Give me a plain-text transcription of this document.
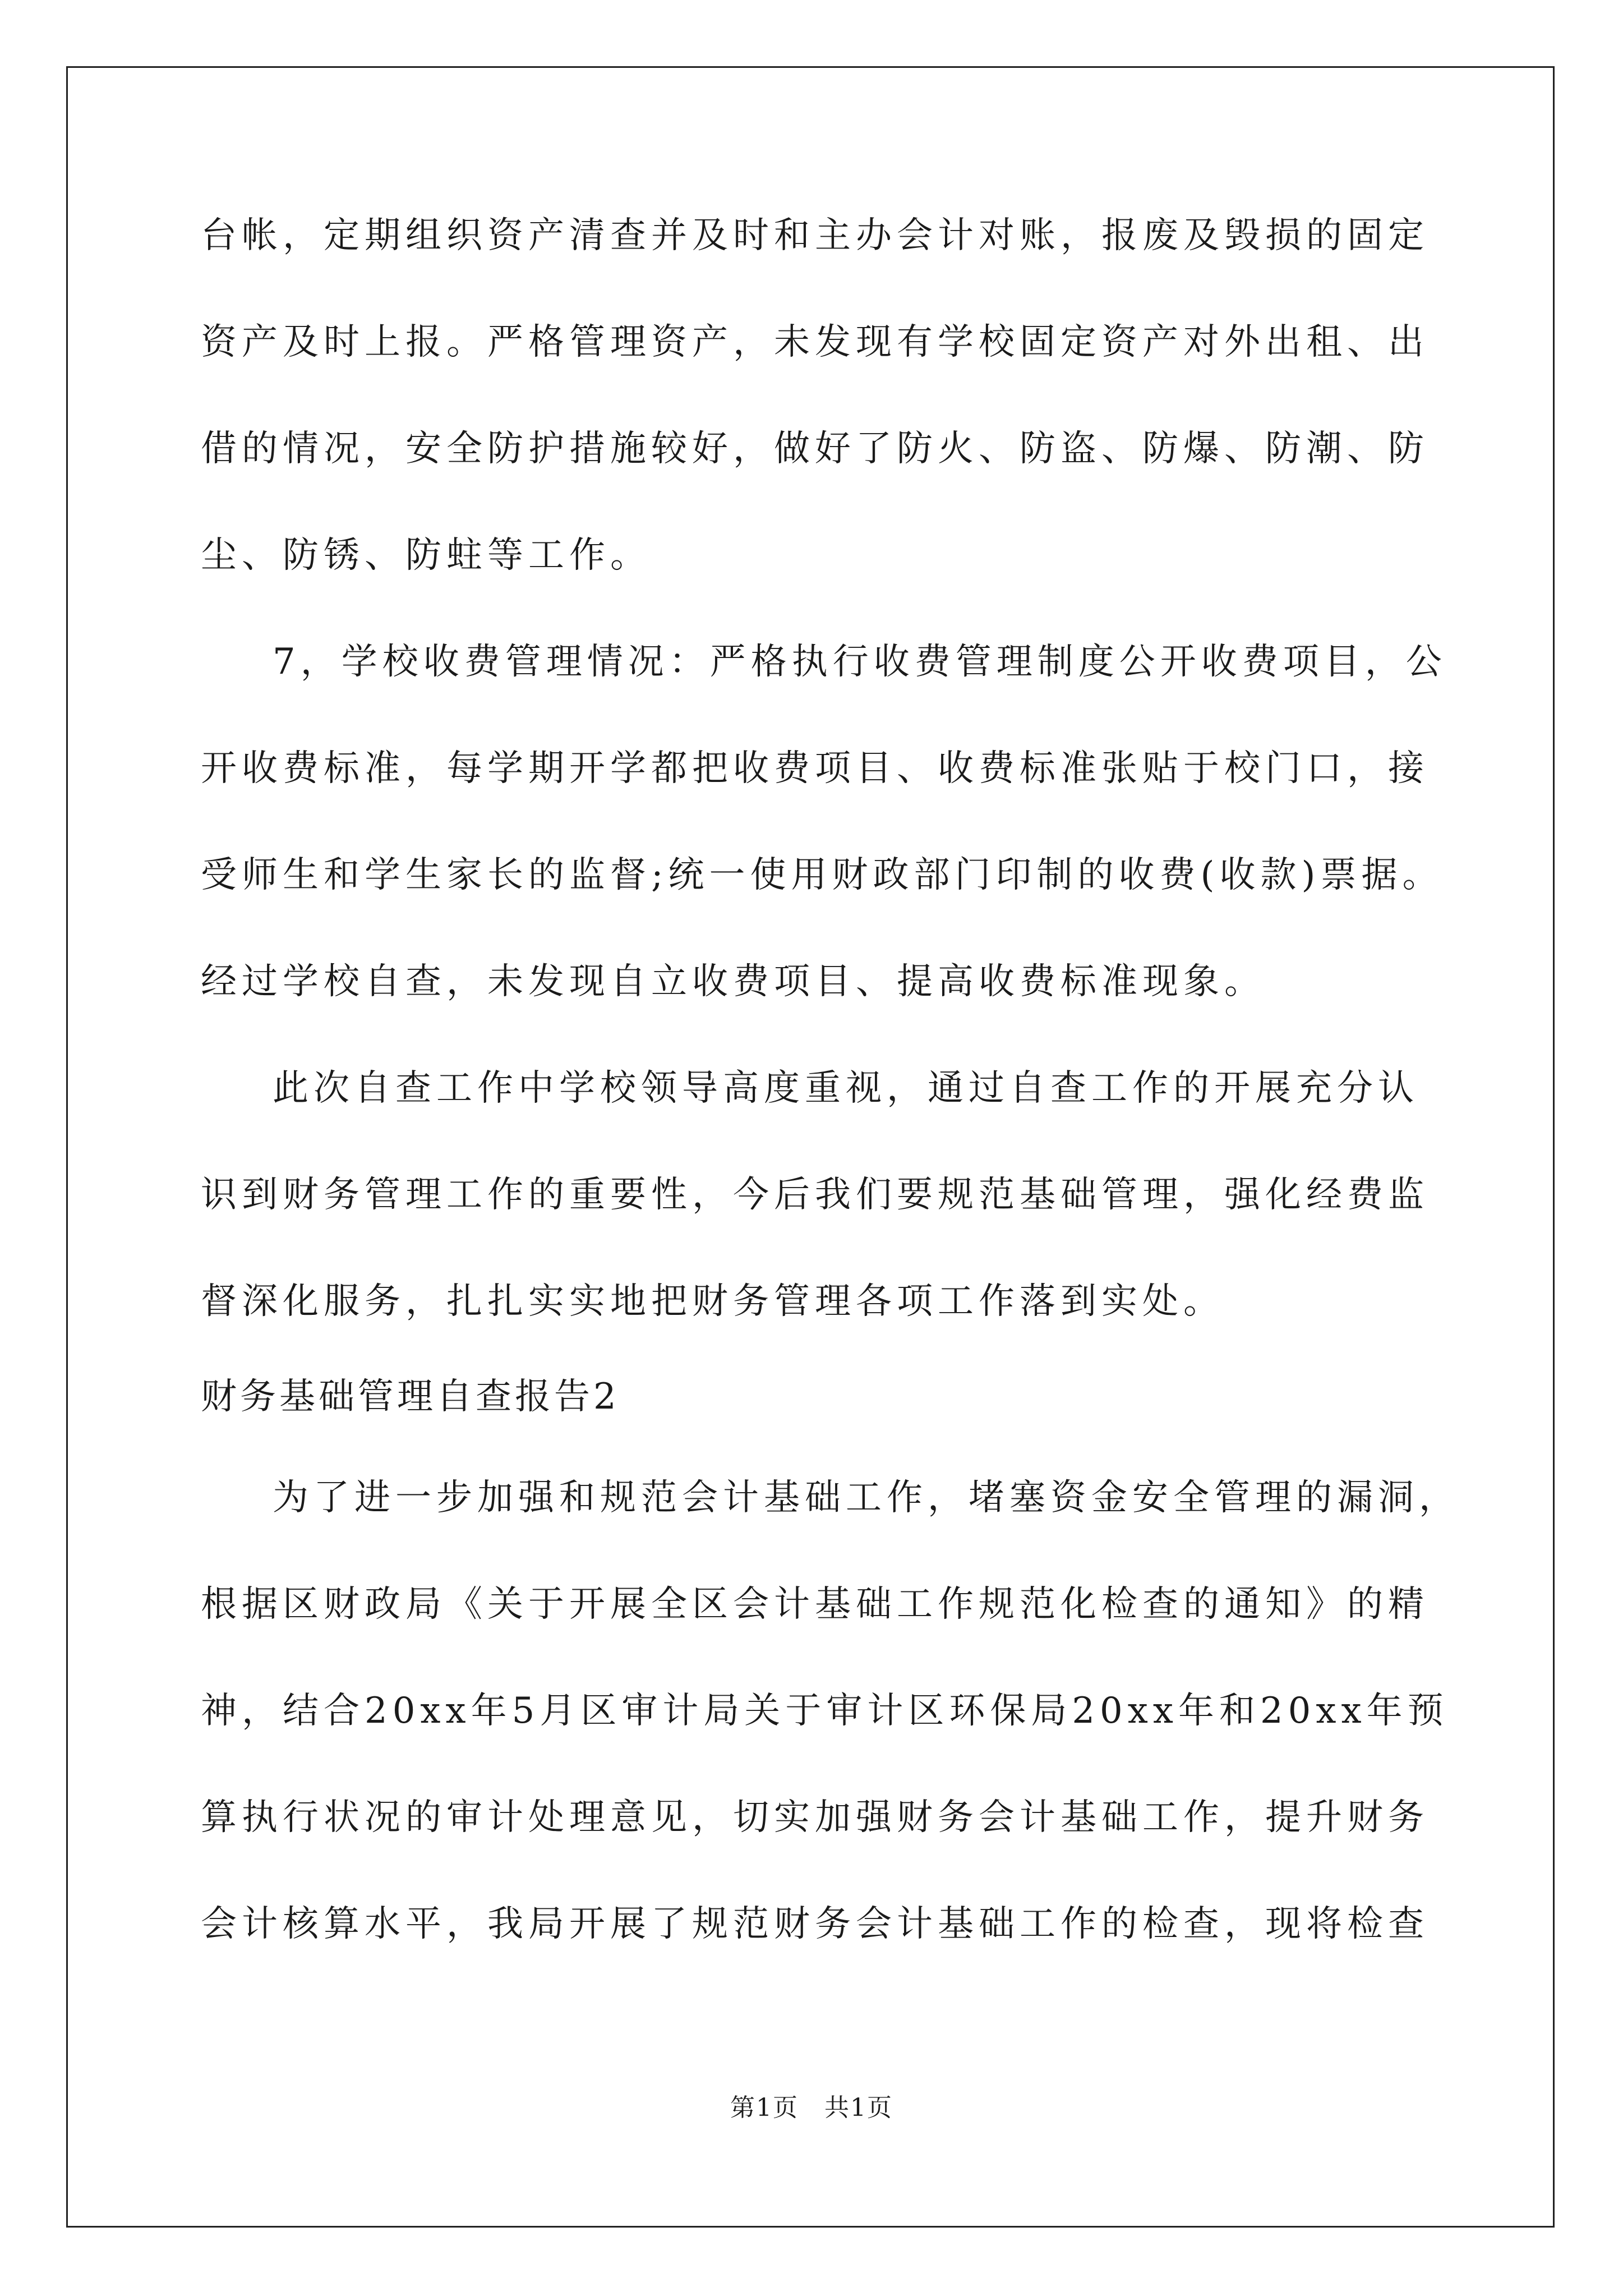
台帐，定期组织资产清查并及时和主办会计对账，报废及毁损的固定
资产及时上报。严格管理资产，未发现有学校固定资产对外出租、出
借的情况，安全防护措施较好，做好了防火、防盗、防爆、防潮、防
尘、防锈、防蛀等工作。
7，学校收费管理情况：严格执行收费管理制度公开收费项目，公
开收费标准，每学期开学都把收费项目、收费标准张贴于校门口，接
受师生和学生家长的监督;统一使用财政部门印制的收费(收款)票据。
经过学校自查，未发现自立收费项目、提高收费标准现象。
此次自查工作中学校领导高度重视，通过自查工作的开展充分认
识到财务管理工作的重要性，今后我们要规范基础管理，强化经费监
督深化服务，扎扎实实地把财务管理各项工作落到实处。
财务基础管理自查报告2
为了进一步加强和规范会计基础工作，堵塞资金安全管理的漏洞，
根据区财政局《关于开展全区会计基础工作规范化检查的通知》的精
神，结合20xx年5月区审计局关于审计区环保局20xx年和20xx年预
算执行状况的审计处理意见，切实加强财务会计基础工作，提升财务
会计核算水平，我局开展了规范财务会计基础工作的检查，现将检查
第1页　共1页
